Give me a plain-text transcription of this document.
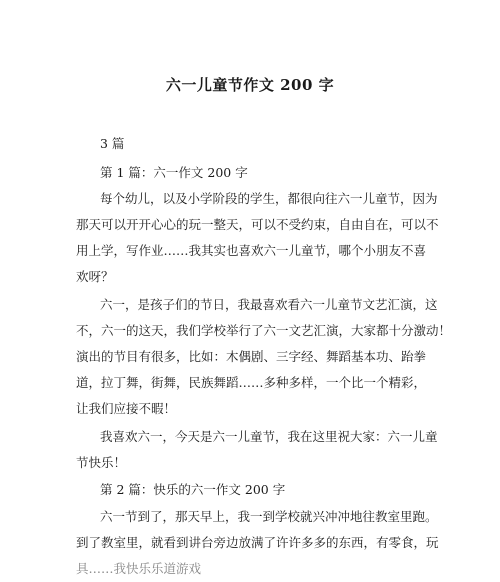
六一儿童节作文 200 字
3 篇
第 1 篇：六一作文 200 字
每个幼儿，以及小学阶段的学生，都很向往六一儿童节，因为
那天可以开开心心的玩一整天，可以不受约束，自由自在，可以不
用上学，写作业……我其实也喜欢六一儿童节，哪个小朋友不喜
欢呀？
六一，是孩子们的节日，我最喜欢看六一儿童节文艺汇演，这
不，六一的这天，我们学校举行了六一文艺汇演，大家都十分激动！
演出的节目有很多，比如：木偶剧、三字经、舞蹈基本功、跆拳
道，拉丁舞，街舞，民族舞蹈……多种多样，一个比一个精彩，
让我们应接不暇！
我喜欢六一，今天是六一儿童节，我在这里祝大家：六一儿童
节快乐！
第 2 篇：快乐的六一作文 200 字
六一节到了，那天早上，我一到学校就兴冲冲地往教室里跑。
到了教室里，就看到讲台旁边放满了许许多多的东西，有零食，玩
具……我快乐乐道游戏
